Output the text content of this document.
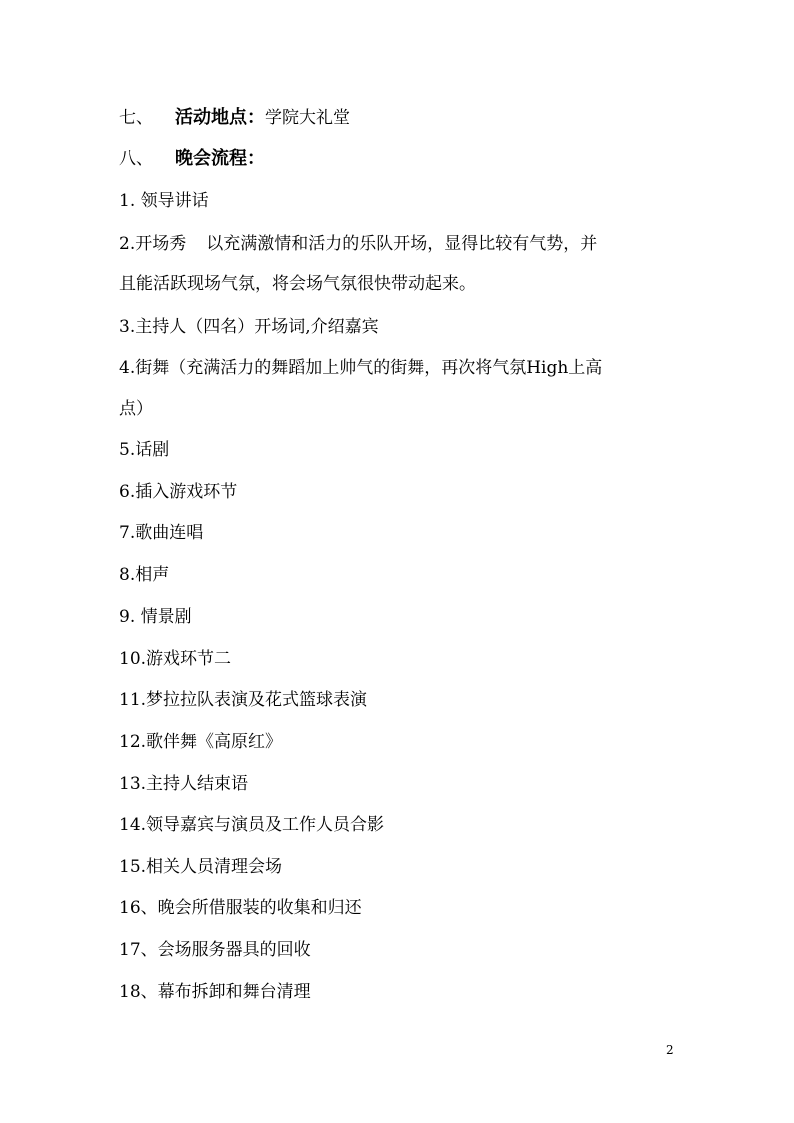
七、 活动地点：学院大礼堂
八、 晚会流程：
1. 领导讲话
2.开场秀 以充满激情和活力的乐队开场，显得比较有气势，并
且能活跃现场气氛，将会场气氛很快带动起来。
3.主持人（四名）开场词,介绍嘉宾
4.街舞（充满活力的舞蹈加上帅气的街舞，再次将气氛High上高
点）
5.话剧
6.插入游戏环节
7.歌曲连唱
8.相声
9. 情景剧
10.游戏环节二
11.梦拉拉队表演及花式篮球表演
12.歌伴舞《高原红》
13.主持人结束语
14.领导嘉宾与演员及工作人员合影
15.相关人员清理会场
16、晚会所借服装的收集和归还
17、会场服务器具的回收
18、幕布拆卸和舞台清理
2
